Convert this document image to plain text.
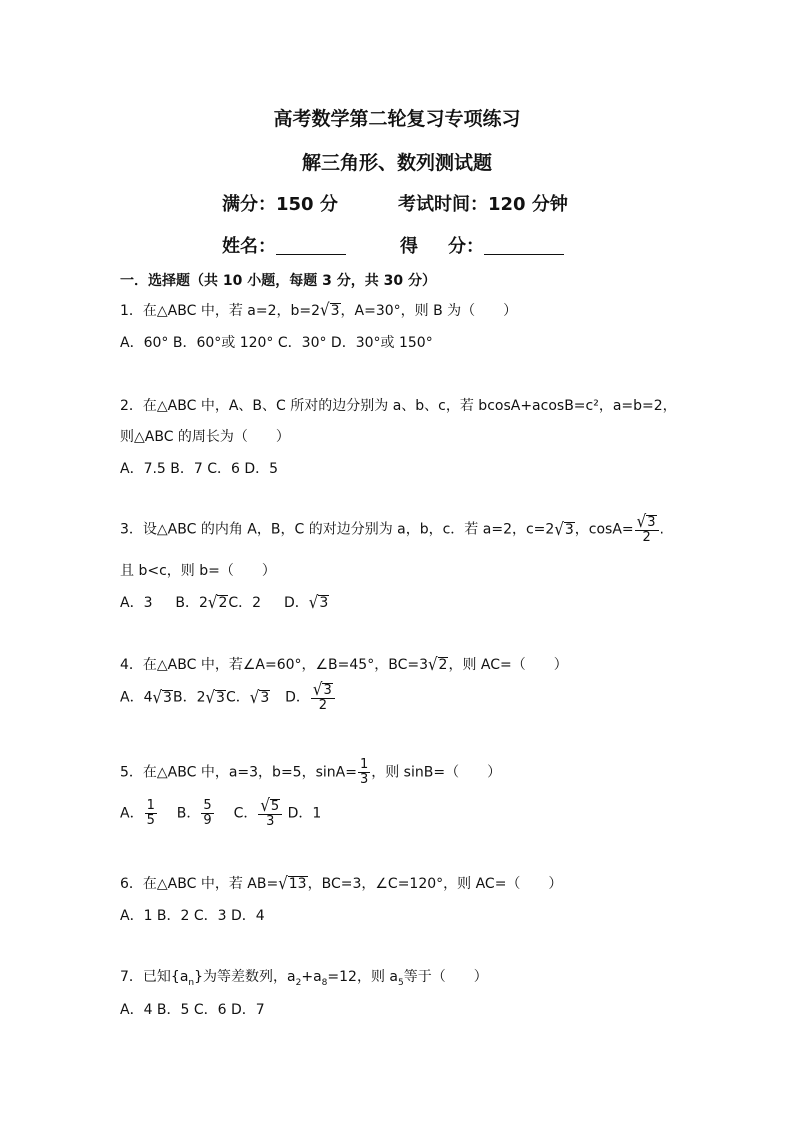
高考数学第二轮复习专项练习
解三角形、数列测试题
满分：150 分	考试时间：120 分钟
姓名：	得 分：
一．选择题（共 10 小题，每题 3 分，共 30 分）
1．在△ABC 中，若 a=2，b=2√3，A=30°，则 B 为（　　）
A．60° B．60°或 120° C．30° D．30°或 150°
2．在△ABC 中，A、B、C 所对的边分别为 a、b、c，若 bcosA+acosB=c²，a=b=2，
则△ABC 的周长为（　　）
A．7.5 B．7 C．6 D．5
3．设△ABC 的内角 A，B，C 的对边分别为 a，b，c．若 a=2，c=2√3，$\cos A= \frac{√3}{2}$ .
且 b<c，则 b=（　　）
A．3 B．2√2C．2 D．√3
4．在△ABC 中，若∠A=60°，∠B=45°，BC=3√2，则 AC=（　　）
A．4√3B．2√3C．√3 D． $\frac{√3}{2}$
5．在△ABC 中，a=3，b=5，$\sin A= \frac{1}{3}$ ，则 sinB=（　　）
A． $\frac{1}{5}$ B． $\frac{5}{9}$ C． $\frac{√5}{3}$ D．1
6．在△ABC 中，若 AB=√13，BC=3，∠C=120°，则 AC=（　　）
A．1 B．2 C．3 D．4
7．已知$\{a_n\}$为等差数列，$a_2+a_8=12$，则 $a_5$等于（　　）
A．4 B．5 C．6 D．7
